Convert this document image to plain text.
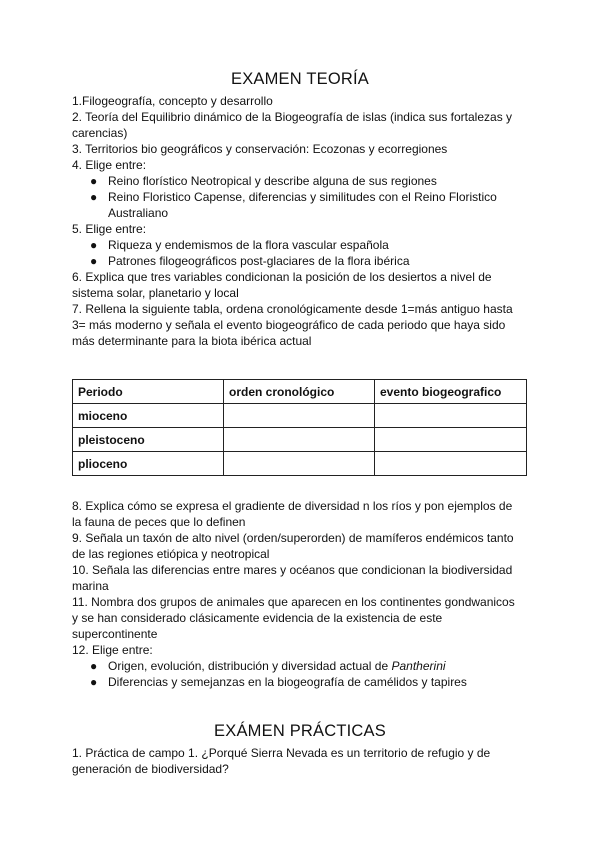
EXAMEN TEORÍA
1.Filogeografía, concepto y desarrollo
2. Teoría del Equilibrio dinámico de la Biogeografía de islas (indica sus fortalezas y
carencias)
3. Territorios bio geográficos y conservación: Ecozonas y ecorregiones
4. Elige entre:
● Reino florístico Neotropical y describe alguna de sus regiones
● Reino Floristico Capense, diferencias y similitudes con el Reino Floristico Australiano
5. Elige entre:
● Riqueza y endemismos de la flora vascular española
● Patrones filogeográficos post-glaciares de la flora ibérica
6. Explica que tres variables condicionan la posición de los desiertos a nivel de
sistema solar, planetario y local
7. Rellena la siguiente tabla, ordena cronológicamente desde 1=más antiguo hasta
3= más moderno y señala el evento biogeográfico de cada periodo que haya sido
más determinante para la biota ibérica actual
Periodo	orden cronológico	evento biogeografico
mioceno		
pleistoceno		
plioceno		
8. Explica cómo se expresa el gradiente de diversidad n los ríos y pon ejemplos de
la fauna de peces que lo definen
9. Señala un taxón de alto nivel (orden/superorden) de mamíferos endémicos tanto
de las regiones etiópica y neotropical
10. Señala las diferencias entre mares y océanos que condicionan la biodiversidad
marina
11. Nombra dos grupos de animales que aparecen en los continentes gondwanicos
y se han considerado clásicamente evidencia de la existencia de este
supercontinente
12. Elige entre:
● Origen, evolución, distribución y diversidad actual de Pantherini
● Diferencias y semejanzas en la biogeografía de camélidos y tapires
EXÁMEN PRÁCTICAS
1. Práctica de campo 1. ¿Porqué Sierra Nevada es un territorio de refugio y de
generación de biodiversidad?
